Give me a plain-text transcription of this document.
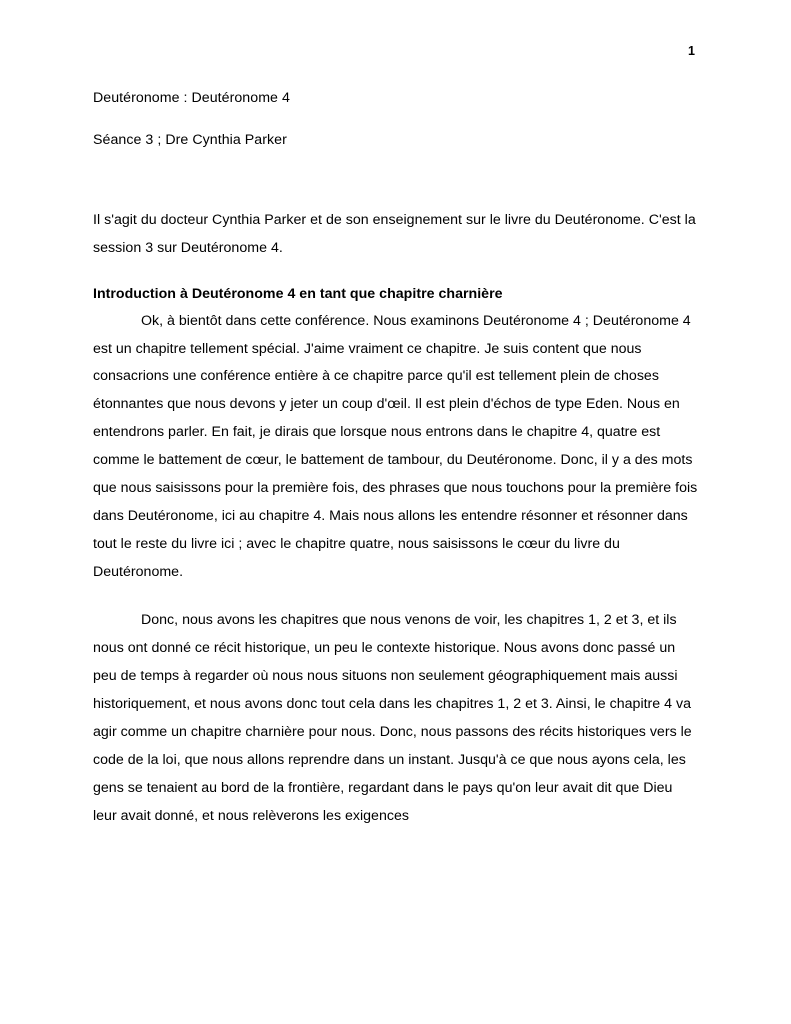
1
Deutéronome : Deutéronome 4
Séance 3 ; Dre Cynthia Parker

Il s'agit du docteur Cynthia Parker et de son enseignement sur le livre du Deutéronome. C'est la session 3 sur Deutéronome 4.

Introduction à Deutéronome 4 en tant que chapitre charnière

Ok, à bientôt dans cette conférence. Nous examinons Deutéronome 4 ; Deutéronome 4 est un chapitre tellement spécial. J'aime vraiment ce chapitre. Je suis content que nous consacrions une conférence entière à ce chapitre parce qu'il est tellement plein de choses étonnantes que nous devons y jeter un coup d'œil. Il est plein d'échos de type Eden. Nous en entendrons parler. En fait, je dirais que lorsque nous entrons dans le chapitre 4, quatre est comme le battement de cœur, le battement de tambour, du Deutéronome. Donc, il y a des mots que nous saisissons pour la première fois, des phrases que nous touchons pour la première fois dans Deutéronome, ici au chapitre 4. Mais nous allons les entendre résonner et résonner dans tout le reste du livre ici ; avec le chapitre quatre, nous saisissons le cœur du livre du Deutéronome.

Donc, nous avons les chapitres que nous venons de voir, les chapitres 1, 2 et 3, et ils nous ont donné ce récit historique, un peu le contexte historique. Nous avons donc passé un peu de temps à regarder où nous nous situons non seulement géographiquement mais aussi historiquement, et nous avons donc tout cela dans les chapitres 1, 2 et 3. Ainsi, le chapitre 4 va agir comme un chapitre charnière pour nous. Donc, nous passons des récits historiques vers le code de la loi, que nous allons reprendre dans un instant. Jusqu'à ce que nous ayons cela, les gens se tenaient au bord de la frontière, regardant dans le pays qu'on leur avait dit que Dieu leur avait donné, et nous relèverons les exigences
